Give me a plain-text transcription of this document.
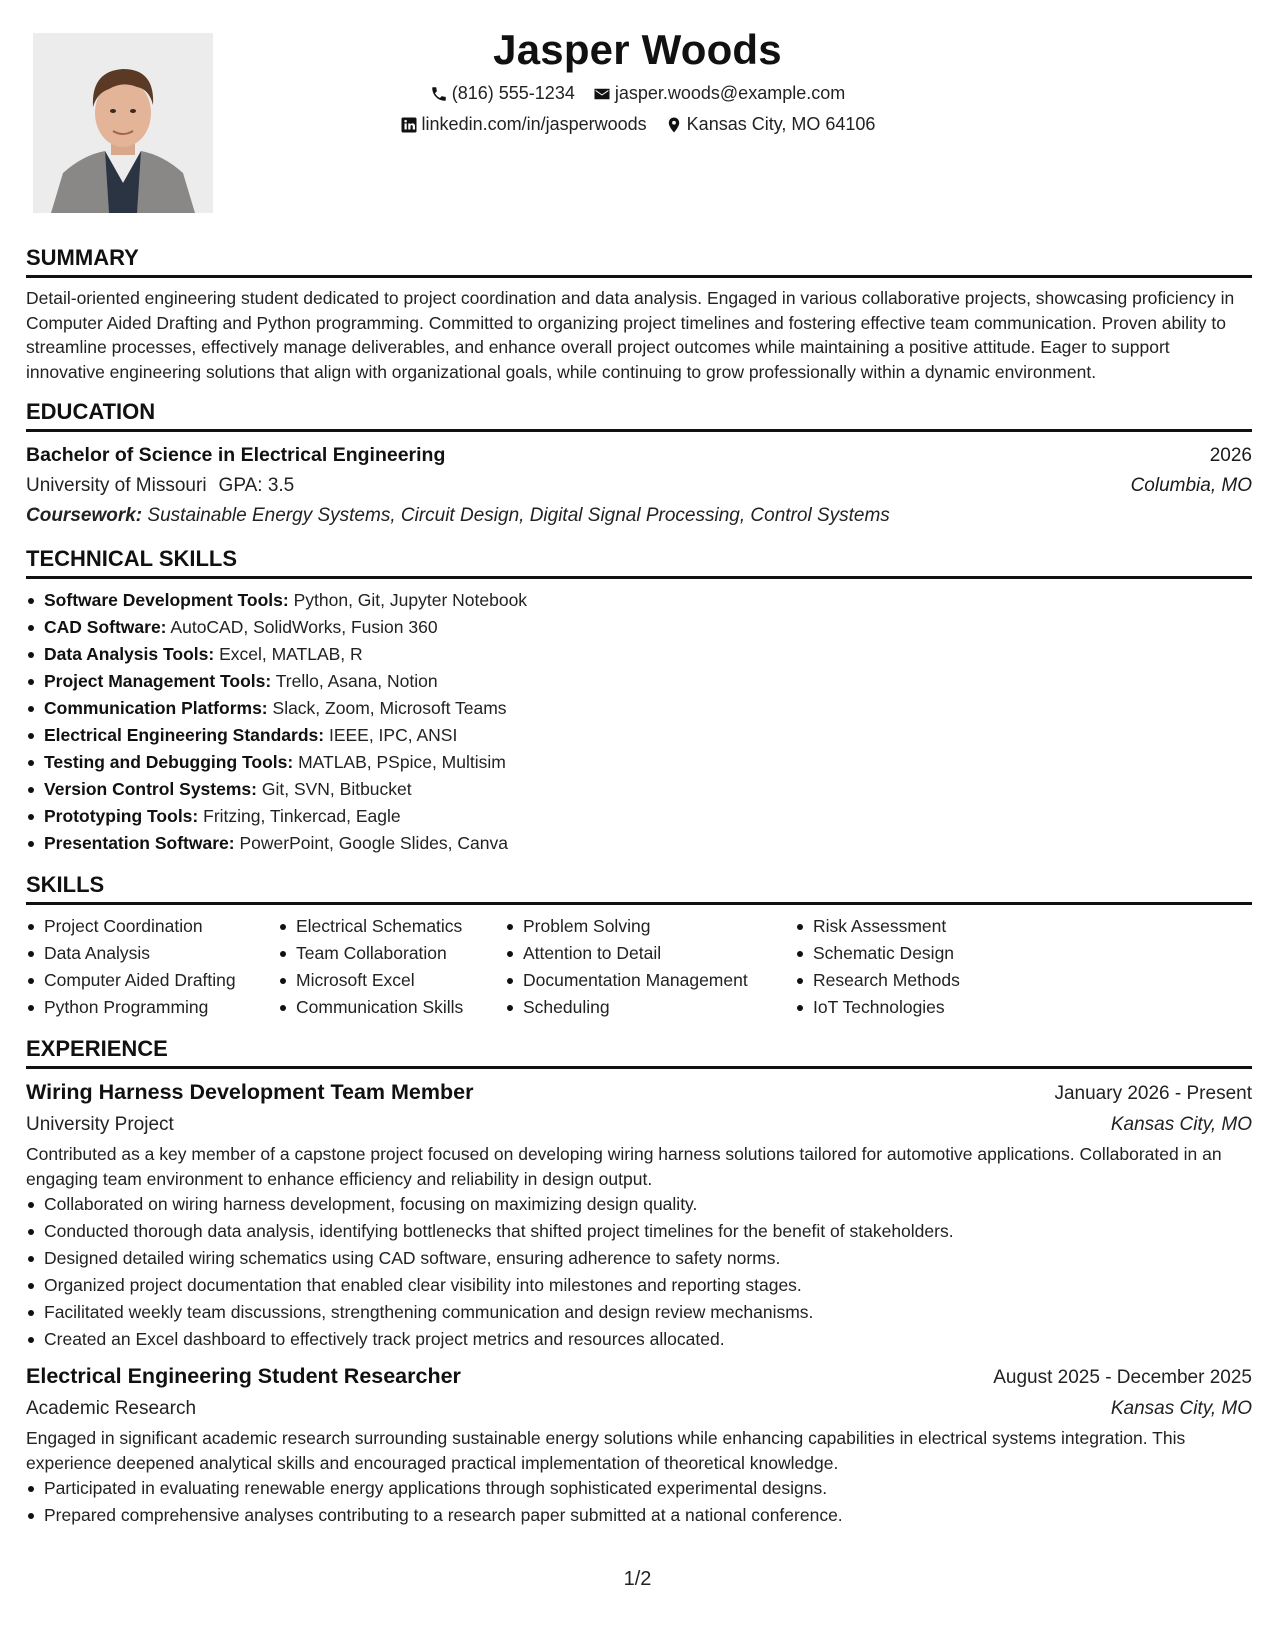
Jasper Woods
(816) 555-1234 jasper.woods@example.com
linkedin.com/in/jasperwoods Kansas City, MO 64106
SUMMARY
Detail-oriented engineering student dedicated to project coordination and data analysis. Engaged in various collaborative projects, showcasing proficiency in Computer Aided Drafting and Python programming. Committed to organizing project timelines and fostering effective team communication. Proven ability to streamline processes, effectively manage deliverables, and enhance overall project outcomes while maintaining a positive attitude. Eager to support innovative engineering solutions that align with organizational goals, while continuing to grow professionally within a dynamic environment.
EDUCATION
Bachelor of Science in Electrical Engineering	2026
University of Missouri GPA: 3.5	Columbia, MO
Coursework: Sustainable Energy Systems, Circuit Design, Digital Signal Processing, Control Systems
TECHNICAL SKILLS
Software Development Tools: Python, Git, Jupyter Notebook
CAD Software: AutoCAD, SolidWorks, Fusion 360
Data Analysis Tools: Excel, MATLAB, R
Project Management Tools: Trello, Asana, Notion
Communication Platforms: Slack, Zoom, Microsoft Teams
Electrical Engineering Standards: IEEE, IPC, ANSI
Testing and Debugging Tools: MATLAB, PSpice, Multisim
Version Control Systems: Git, SVN, Bitbucket
Prototyping Tools: Fritzing, Tinkercad, Eagle
Presentation Software: PowerPoint, Google Slides, Canva
SKILLS
Project Coordination
Data Analysis
Computer Aided Drafting
Python Programming
Electrical Schematics
Team Collaboration
Microsoft Excel
Communication Skills
Problem Solving
Attention to Detail
Documentation Management
Scheduling
Risk Assessment
Schematic Design
Research Methods
IoT Technologies
EXPERIENCE
Wiring Harness Development Team Member	January 2026 - Present
University Project	Kansas City, MO
Contributed as a key member of a capstone project focused on developing wiring harness solutions tailored for automotive applications. Collaborated in an engaging team environment to enhance efficiency and reliability in design output.
Collaborated on wiring harness development, focusing on maximizing design quality.
Conducted thorough data analysis, identifying bottlenecks that shifted project timelines for the benefit of stakeholders.
Designed detailed wiring schematics using CAD software, ensuring adherence to safety norms.
Organized project documentation that enabled clear visibility into milestones and reporting stages.
Facilitated weekly team discussions, strengthening communication and design review mechanisms.
Created an Excel dashboard to effectively track project metrics and resources allocated.
Electrical Engineering Student Researcher	August 2025 - December 2025
Academic Research	Kansas City, MO
Engaged in significant academic research surrounding sustainable energy solutions while enhancing capabilities in electrical systems integration. This experience deepened analytical skills and encouraged practical implementation of theoretical knowledge.
Participated in evaluating renewable energy applications through sophisticated experimental designs.
Prepared comprehensive analyses contributing to a research paper submitted at a national conference.
1/2
